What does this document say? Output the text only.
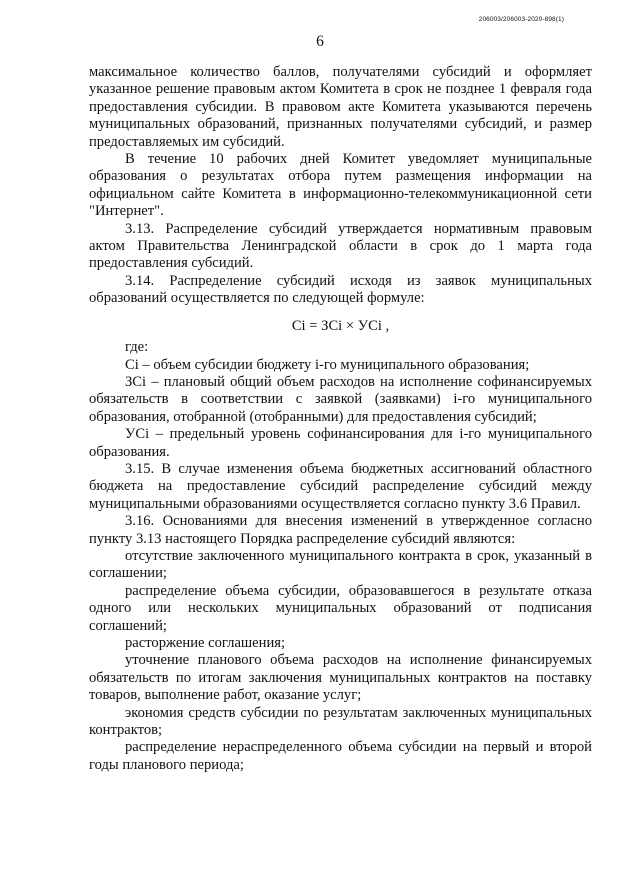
206003/206003-2020-898(1)
6

максимальное количество баллов, получателями субсидий и оформляет указанное решение правовым актом Комитета в срок не позднее 1 февраля года предоставления субсидии. В правовом акте Комитета указываются перечень муниципальных образований, признанных получателями субсидий, и размер предоставляемых им субсидий.

В течение 10 рабочих дней Комитет уведомляет муниципальные образования о результатах отбора путем размещения информации на официальном сайте Комитета в информационно-телекоммуникационной сети "Интернет".

3.13. Распределение субсидий утверждается нормативным правовым актом Правительства Ленинградской области в срок до 1 марта года предоставления субсидий.

3.14. Распределение субсидий исходя из заявок муниципальных образований осуществляется по следующей формуле:

Ci = ЗCi × УCi ,

где:

Ci – объем субсидии бюджету i-го муниципального образования;

ЗCi – плановый общий объем расходов на исполнение софинансируемых обязательств в соответствии с заявкой (заявками) i-го муниципального образования, отобранной (отобранными) для предоставления субсидий;

УCi – предельный уровень софинансирования для i-го муниципального образования.

3.15. В случае изменения объема бюджетных ассигнований областного бюджета на предоставление субсидий распределение субсидий между муниципальными образованиями осуществляется согласно пункту 3.6 Правил.

3.16. Основаниями для внесения изменений в утвержденное согласно пункту 3.13 настоящего Порядка распределение субсидий являются:

отсутствие заключенного муниципального контракта в срок, указанный в соглашении;

распределение объема субсидии, образовавшегося в результате отказа одного или нескольких муниципальных образований от подписания соглашений;

расторжение соглашения;

уточнение планового объема расходов на исполнение финансируемых обязательств по итогам заключения муниципальных контрактов на поставку товаров, выполнение работ, оказание услуг;

экономия средств субсидии по результатам заключенных муниципальных контрактов;

распределение нераспределенного объема субсидии на первый и второй годы планового периода;
